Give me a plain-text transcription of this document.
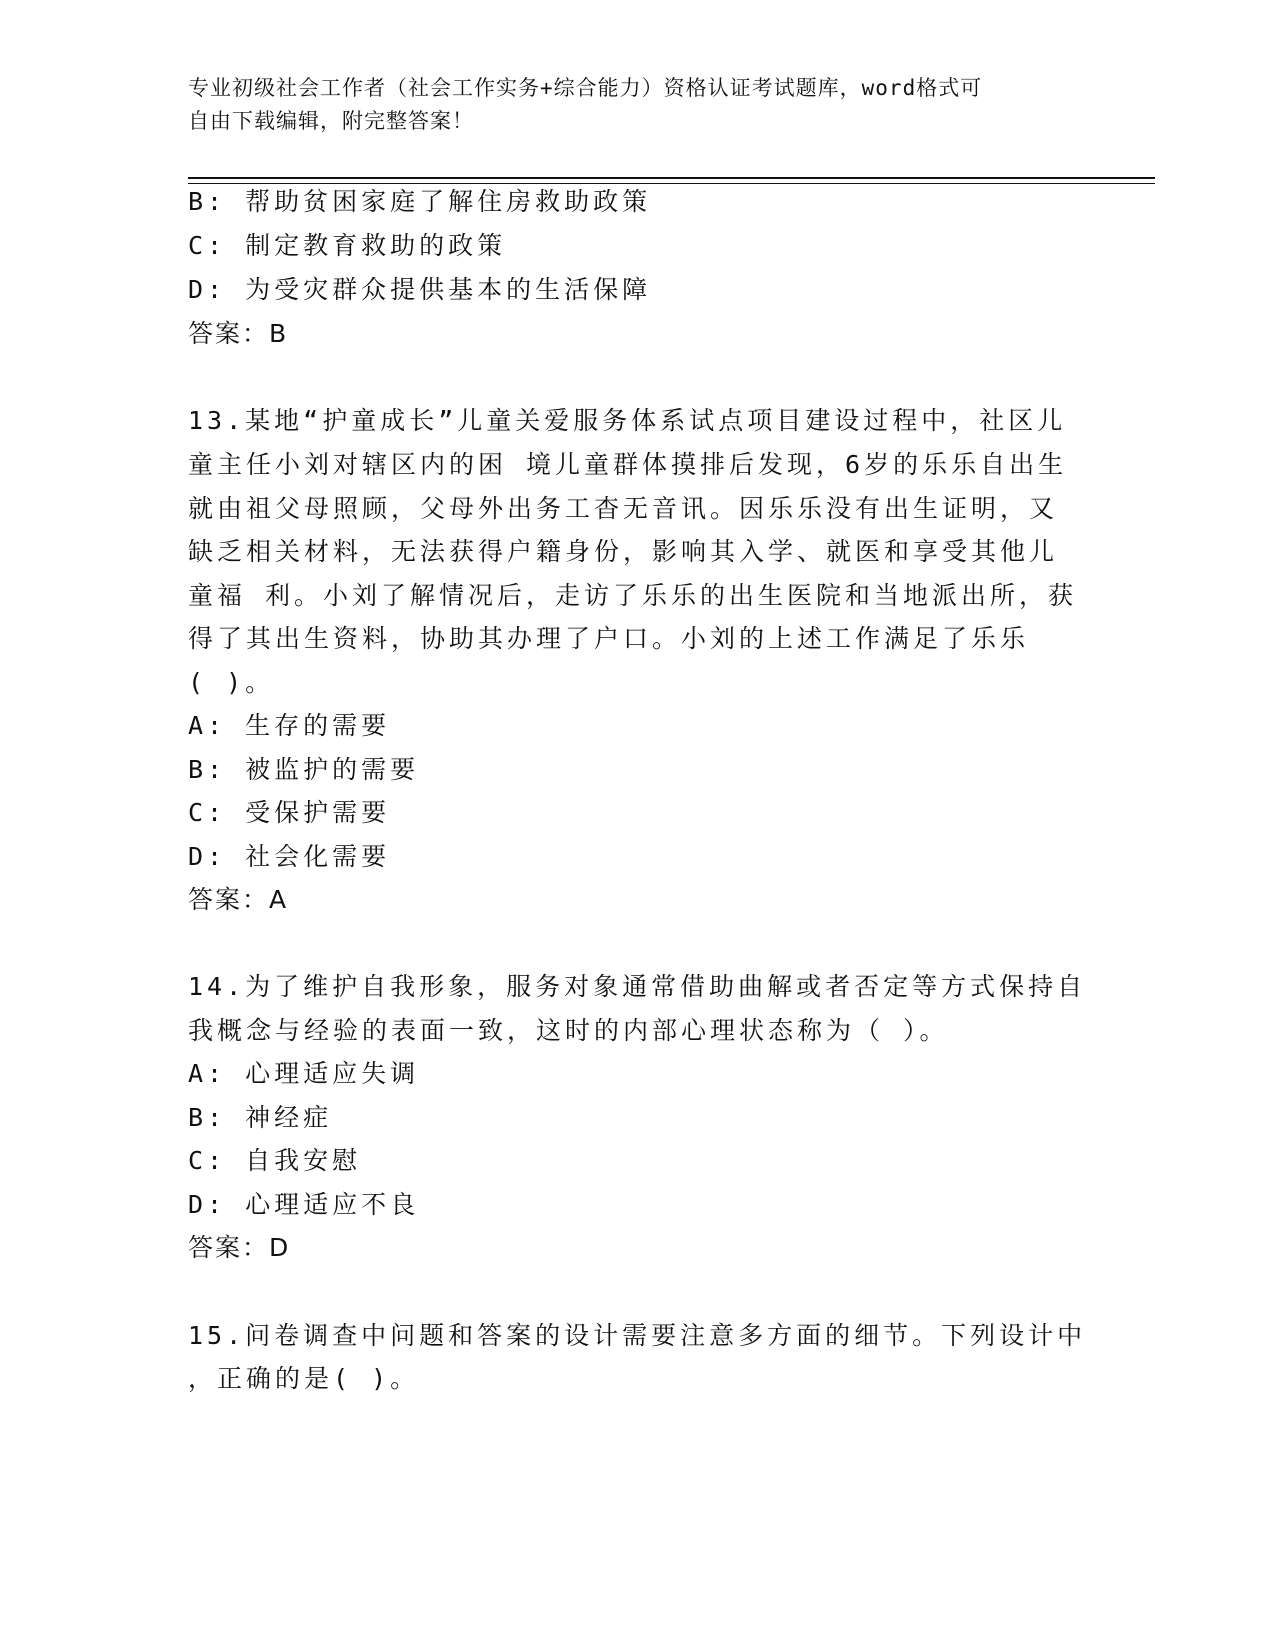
专业初级社会工作者（社会工作实务+综合能力）资格认证考试题库，word格式可
自由下载编辑，附完整答案！
B: 帮助贫困家庭了解住房救助政策
C: 制定教育救助的政策
D: 为受灾群众提供基本的生活保障
答案：B
13.某地“护童成长”儿童关爱服务体系试点项目建设过程中，社区儿
童主任小刘对辖区内的困 境儿童群体摸排后发现，6岁的乐乐自出生
就由祖父母照顾，父母外出务工杳无音讯。因乐乐没有出生证明，又
缺乏相关材料，无法获得户籍身份，影响其入学、就医和享受其他儿
童福 利。小刘了解情况后，走访了乐乐的出生医院和当地派出所，获
得了其出生资料，协助其办理了户口。小刘的上述工作满足了乐乐
( )。
A: 生存的需要
B: 被监护的需要
C: 受保护需要
D: 社会化需要
答案：A
14.为了维护自我形象，服务对象通常借助曲解或者否定等方式保持自
我概念与经验的表面一致，这时的内部心理状态称为（ ）。
A: 心理适应失调
B: 神经症
C: 自我安慰
D: 心理适应不良
答案：D
15.问卷调查中问题和答案的设计需要注意多方面的细节。下列设计中
，正确的是( )。
